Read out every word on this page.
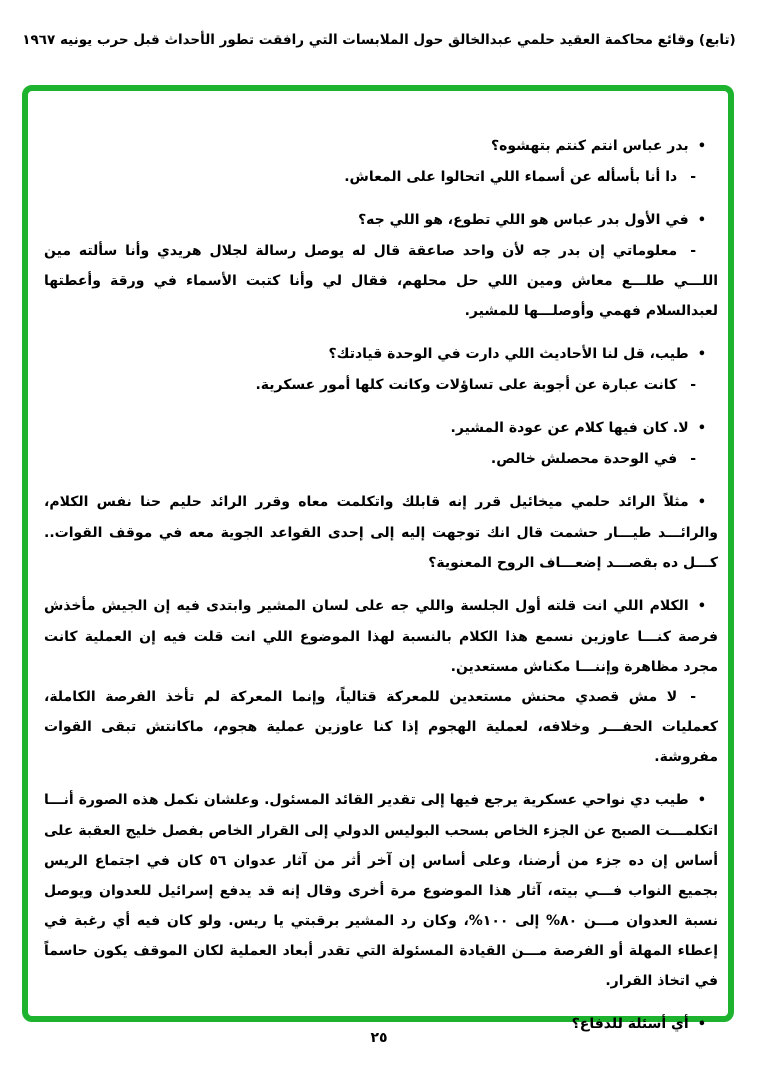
(تابع) وقائع محاكمة العقيد حلمي عبدالخالق حول الملابسات التي رافقت تطور الأحداث قبل حرب يونيه ١٩٦٧

•بدر عباس انتم كنتم بتهشوه؟

-دا أنا بأسأله عن أسماء اللي اتحالوا على المعاش.

•في الأول بدر عباس هو اللي تطوع، هو اللي جه؟

-معلوماتي إن بدر جه لأن واحد صاعقة قال له يوصل رسالة لجلال هريدي وأنا سألته مين اللـــي طلـــع معاش ومين اللي حل محلهم، فقال لي وأنا كتبت الأسماء في ورقة وأعطتها لعبدالسلام فهمي وأوصلـــها للمشير.

•طيب، قل لنا الأحاديث اللي دارت في الوحدة قيادتك؟

-كانت عبارة عن أجوبة على تساؤلات وكانت كلها أمور عسكرية.

•لا. كان فيها كلام عن عودة المشير.

-في الوحدة محصلش خالص.

•مثلاً الرائد حلمي ميخائيل قرر إنه قابلك واتكلمت معاه وقرر الرائد حليم حنا نفس الكلام، والرائـــد طيـــار حشمت قال انك توجهت إليه إلى إحدى القواعد الجوية معه في موقف القوات.. كـــل ده بقصـــد إضعـــاف الروح المعنوية؟

•الكلام اللي انت قلته أول الجلسة واللي جه على لسان المشير وابتدى فيه إن الجيش مأخذش فرصة كنـــا عاوزين نسمع هذا الكلام بالنسبة لهذا الموضوع اللي انت قلت فيه إن العملية كانت مجرد مظاهرة وإننـــا مكناش مستعدين.

-لا مش قصدي محنش مستعدين للمعركة قتالياً، وإنما المعركة لم تأخذ الفرصة الكاملة، كعمليات الحفـــر وخلافه، لعملية الهجوم إذا كنا عاوزين عملية هجوم، ماكانتش تبقى القوات مفروشة.

•طيب دي نواحي عسكرية يرجع فيها إلى تقدير القائد المسئول. وعلشان نكمل هذه الصورة أنـــا اتكلمـــت الصبح عن الجزء الخاص بسحب البوليس الدولي إلى القرار الخاص بفصل خليج العقبة على أساس إن ده جزء من أرضنا، وعلى أساس إن آخر أثر من آثار عدوان ٥٦ كان في اجتماع الريس بجميع النواب فـــي بيته، آثار هذا الموضوع مرة أخرى وقال إنه قد يدفع إسرائيل للعدوان ويوصل نسبة العدوان مـــن ٨٠% إلى ١٠٠%، وكان رد المشير برقبتي يا ريس. ولو كان فيه أي رغبة في إعطاء المهلة أو الفرصة مـــن القيادة المسئولة التي تقدر أبعاد العملية لكان الموقف يكون حاسماً في اتخاذ القرار.

•أي أسئلة للدفاع؟

٢٥
